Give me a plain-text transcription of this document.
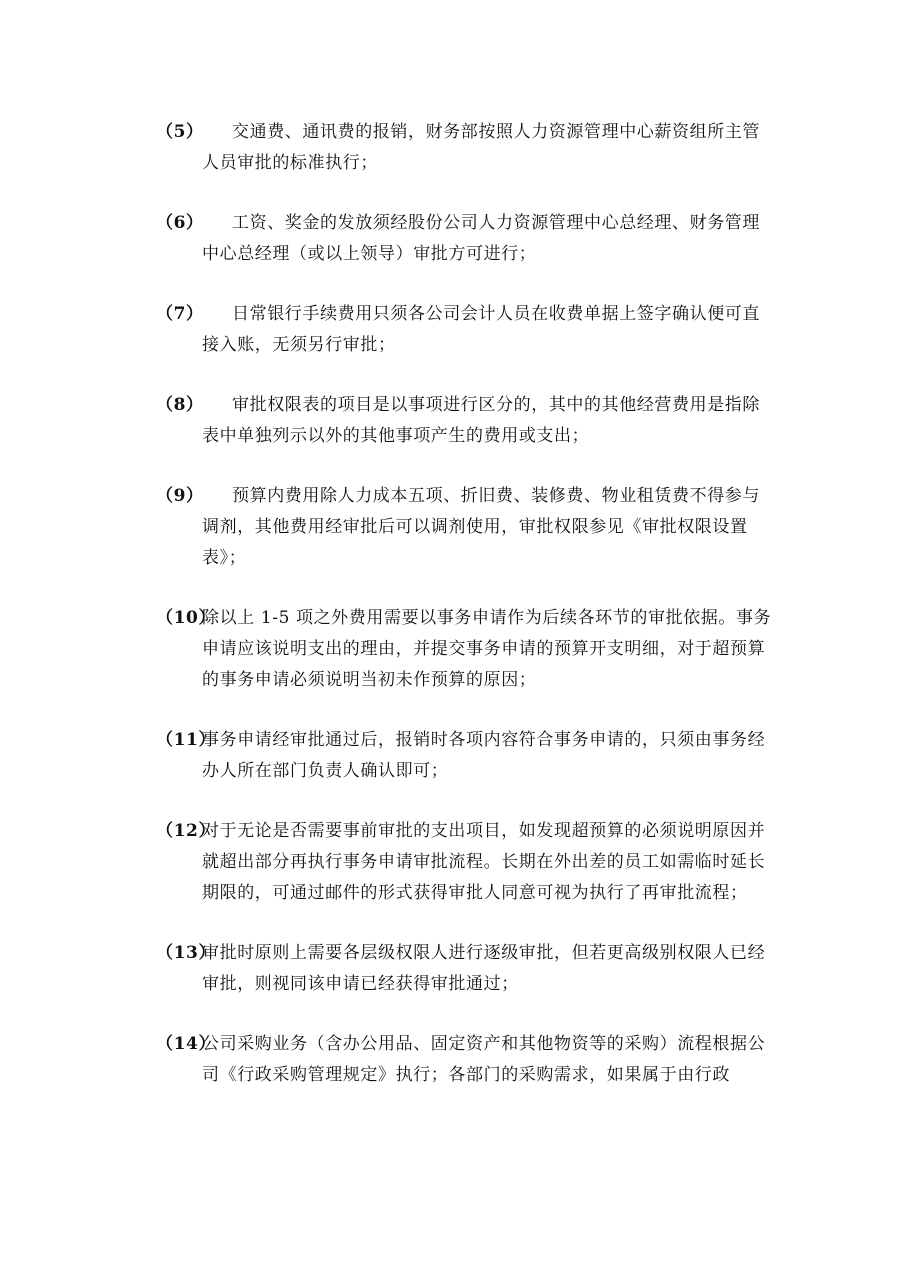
（5）	交通费、通讯费的报销，财务部按照人力资源管理中心薪资组所主管人员审批的标准执行；
（6）	工资、奖金的发放须经股份公司人力资源管理中心总经理、财务管理中心总经理（或以上领导）审批方可进行；
（7）	日常银行手续费用只须各公司会计人员在收费单据上签字确认便可直接入账，无须另行审批；
（8）	审批权限表的项目是以事项进行区分的，其中的其他经营费用是指除表中单独列示以外的其他事项产生的费用或支出；
（9）	预算内费用除人力成本五项、折旧费、装修费、物业租赁费不得参与调剂，其他费用经审批后可以调剂使用，审批权限参见《审批权限设置表》；
（10）
除以上 1-5 项之外费用需要以事务申请作为后续各环节的审批依据。事务申请应该说明支出的理由，并提交事务申请的预算开支明细，对于超预算的事务申请必须说明当初未作预算的原因；
（11）
事务申请经审批通过后，报销时各项内容符合事务申请的，只须由事务经办人所在部门负责人确认即可；
（12）
对于无论是否需要事前审批的支出项目，如发现超预算的必须说明原因并就超出部分再执行事务申请审批流程。长期在外出差的员工如需临时延长期限的，可通过邮件的形式获得审批人同意可视为执行了再审批流程；
（13）
审批时原则上需要各层级权限人进行逐级审批，但若更高级别权限人已经审批，则视同该申请已经获得审批通过；
（14）
公司采购业务（含办公用品、固定资产和其他物资等的采购）流程根据公司《行政采购管理规定》执行；各部门的采购需求，如果属于由行政
